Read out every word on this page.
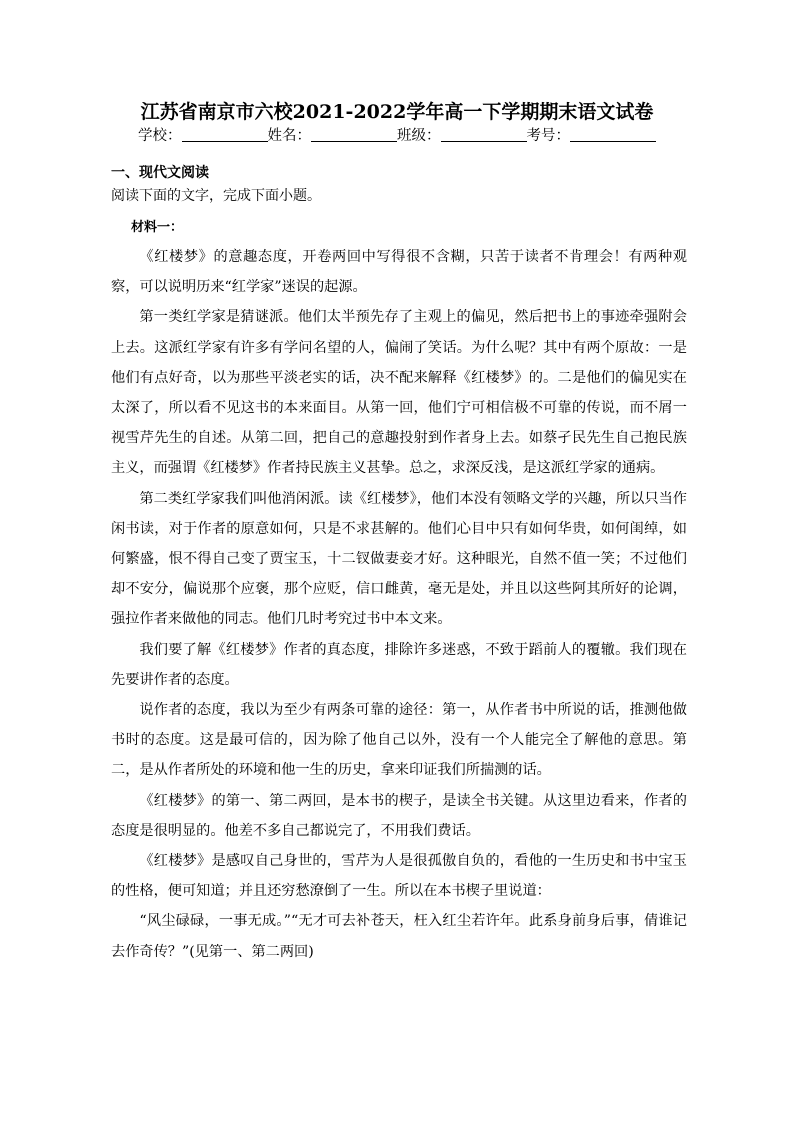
江苏省南京市六校2021-2022学年高一下学期期末语文试卷
学校：	姓名：	班级：	考号：
一、现代文阅读
阅读下面的文字，完成下面小题。
材料一：

《红楼梦》的意趣态度，开卷两回中写得很不含糊，只苦于读者不肯理会！有两种观察，可以说明历来“红学家”迷误的起源。

第一类红学家是猜谜派。他们太半预先存了主观上的偏见，然后把书上的事迹牵强附会上去。这派红学家有许多有学问名望的人，偏闹了笑话。为什么呢？其中有两个原故：一是他们有点好奇，以为那些平淡老实的话，决不配来解释《红楼梦》的。二是他们的偏见实在太深了，所以看不见这书的本来面目。从第一回，他们宁可相信极不可靠的传说，而不屑一视雪芹先生的自述。从第二回，把自己的意趣投射到作者身上去。如蔡孑民先生自己抱民族主义，而强谓《红楼梦》作者持民族主义甚挚。总之，求深反浅，是这派红学家的通病。

第二类红学家我们叫他消闲派。读《红楼梦》，他们本没有领略文学的兴趣，所以只当作闲书读，对于作者的原意如何，只是不求甚解的。他们心目中只有如何华贵，如何闺绰，如何繁盛，恨不得自己变了贾宝玉，十二钗做妻妾才好。这种眼光，自然不值一笑；不过他们却不安分，偏说那个应褒，那个应贬，信口雌黄，毫无是处，并且以这些阿其所好的论调，强拉作者来做他的同志。他们几时考究过书中本文来。

我们要了解《红楼梦》作者的真态度，排除许多迷惑，不致于蹈前人的覆辙。我们现在先要讲作者的态度。

说作者的态度，我以为至少有两条可靠的途径：第一，从作者书中所说的话，推测他做书时的态度。这是最可信的，因为除了他自己以外，没有一个人能完全了解他的意思。第二，是从作者所处的环境和他一生的历史，拿来印证我们所揣测的话。

《红楼梦》的第一、第二两回，是本书的楔子，是读全书关键。从这里边看来，作者的态度是很明显的。他差不多自己都说完了，不用我们费话。

《红楼梦》是感叹自己身世的，雪芹为人是很孤傲自负的，看他的一生历史和书中宝玉的性格，便可知道；并且还穷愁潦倒了一生。所以在本书楔子里说道：

“风尘碌碌，一事无成。”“无才可去补苍天，枉入红尘若许年。此系身前身后事，倩谁记去作奇传？”(见第一、第二两回)
